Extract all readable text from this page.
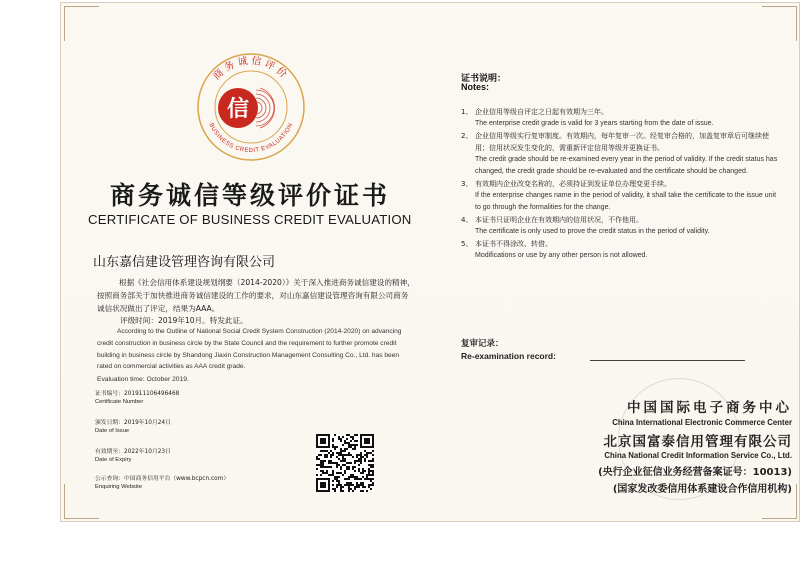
商务诚信评价
BUSINESS CREDIT EVALUATION
信
商务诚信等级评价证书
CERTIFICATE OF BUSINESS CREDIT EVALUATION
山东嘉信建设管理咨询有限公司
根据《社会信用体系建设规划纲要（2014-2020）》关于深入推进商务诚信建设的精神，按照商务部关于加快推进商务诚信建设的工作的要求，对山东嘉信建设管理咨询有限公司商务诚信状况做出了评定，结果为AAA。
评级时间：2019年10月。特发此证。
According to the Outline of National Social Credit System Construction (2014-2020) on advancing credit construction in business circle by the State Council and the requirement to further promote credit building in business circle by Shandong Jiaxin Construction Management Consulting Co., Ltd. has been rated on commercial activities as AAA credit grade.
Evaluation time: October 2019.
证书编号：201911106496468
Certificate Number
颁发日期：2019年10月24日
Date of Issue
有效期至：2022年10月23日
Date of Expiry
公示查询：中国商务信用平台（www.bcpcn.com）
Enquiring Website
证书说明：
Notes:
1、 企业信用等级自评定之日起有效期为三年。

The enterprise credit grade is valid for 3 years starting from the date of issue.

2、 企业信用等级实行复审制度。有效期内，每年复审一次。经复审合格的，加盖复审章后可继续使用；信用状况发生变化的，需重新评定信用等级并更换证书。

The credit grade should be re-examined every year in the period of validity. If the credit status has changed, the credit grade should be re-evaluated and the certificate should be changed.

3、 有效期内企业改变名称的，必须持证到发证单位办理变更手续。

If the enterprise changes name in the period of validity, it shall take the certificate to the issue unit to go through the formalities for the change.

4、 本证书只证明企业在有效期内的信用状况，不作他用。

The certificate is only used to prove the credit status in the period of validity.

5、 本证书不得涂改、转借。

Modifications or use by any other person is not allowed.

复审记录：
Re-examination record:
中国国际电子商务中心
China International Electronic Commerce Center
北京国富泰信用管理有限公司
China National Credit Information Service Co., Ltd.
(央行企业征信业务经营备案证号：10013)
(国家发改委信用体系建设合作信用机构)
